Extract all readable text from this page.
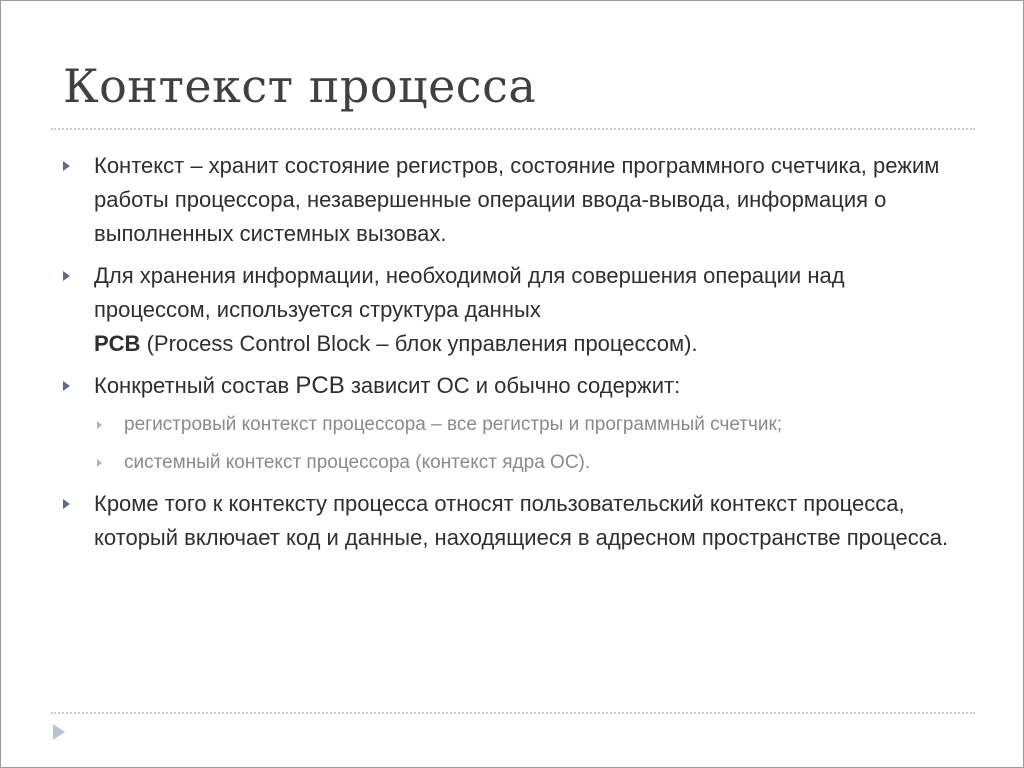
Контекст процесса
Контекст – хранит состояние регистров, состояние программного счетчика, режим работы процессора, незавершенные операции ввода-вывода, информация о выполненных системных вызовах.
Для хранения информации, необходимой для совершения операции над процессом, используется структура данных
PCB (Process Control Block – блок управления процессом).
Конкретный состав PCB зависит ОС и обычно содержит:
регистровый контекст процессора – все регистры и программный счетчик;
системный контекст процессора (контекст ядра ОС).
Кроме того к контексту процесса относят пользовательский контекст процесса, который включает код и данные, находящиеся в адресном пространстве процесса.
